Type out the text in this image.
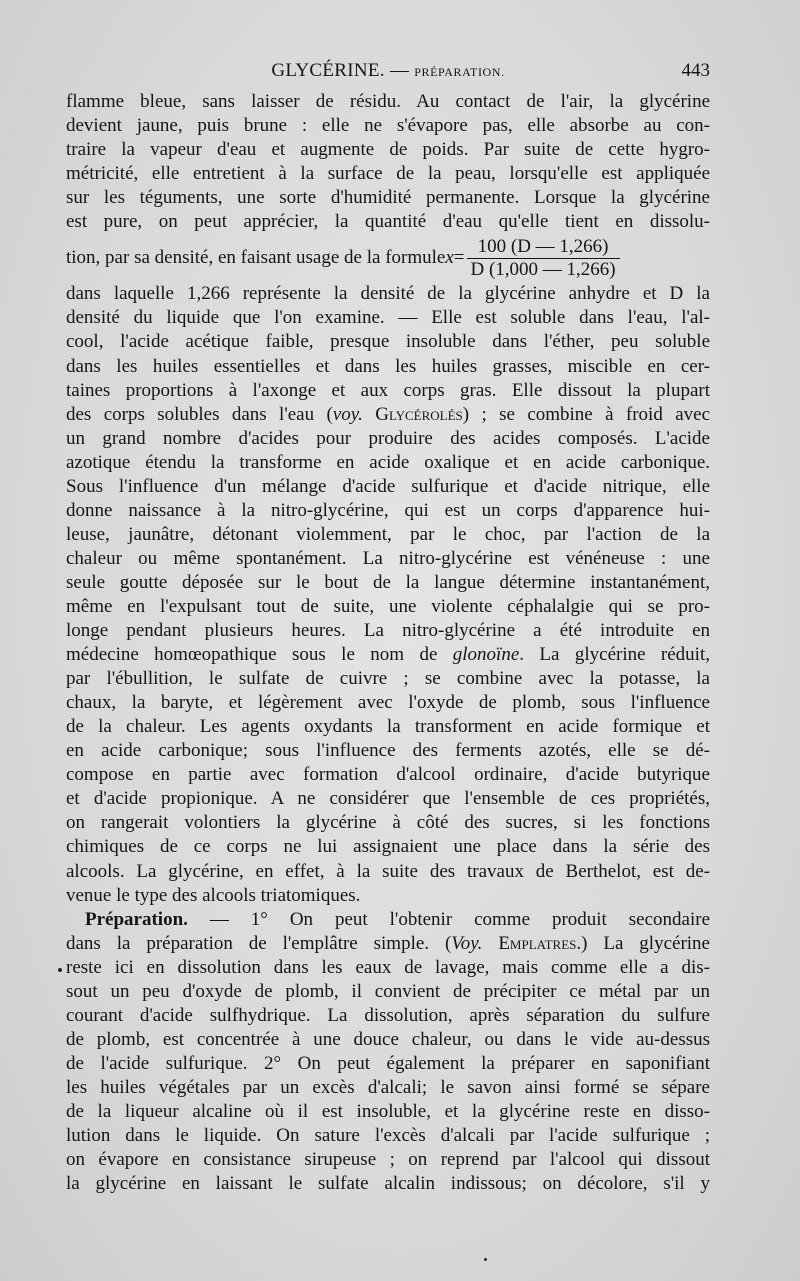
GLYCÉRINE. — PRÉPARATION.	443
flamme bleue, sans laisser de résidu. Au contact de l'air, la glycérine
devient jaune, puis brune : elle ne s'évapore pas, elle absorbe au con-
traire la vapeur d'eau et augmente de poids. Par suite de cette hygro-
métricité, elle entretient à la surface de la peau, lorsqu'elle est appliquée
sur les téguments, une sorte d'humidité permanente. Lorsque la glycérine
est pure, on peut apprécier, la quantité d'eau qu'elle tient en dissolu-
tion, par sa densité, en faisant usage de la formule $x = \frac{100 (D — 1,266)}{D (1,000 — 1,266)}$
dans laquelle 1,266 représente la densité de la glycérine anhydre et D la
densité du liquide que l'on examine. — Elle est soluble dans l'eau, l'al-
cool, l'acide acétique faible, presque insoluble dans l'éther, peu soluble
dans les huiles essentielles et dans les huiles grasses, miscible en cer-
taines proportions à l'axonge et aux corps gras. Elle dissout la plupart
des corps solubles dans l'eau (voy. Glycérolés) ; se combine à froid avec
un grand nombre d'acides pour produire des acides composés. L'acide
azotique étendu la transforme en acide oxalique et en acide carbonique.
Sous l'influence d'un mélange d'acide sulfurique et d'acide nitrique, elle
donne naissance à la nitro-glycérine, qui est un corps d'apparence hui-
leuse, jaunâtre, détonant violemment, par le choc, par l'action de la
chaleur ou même spontanément. La nitro-glycérine est vénéneuse : une
seule goutte déposée sur le bout de la langue détermine instantanément,
même en l'expulsant tout de suite, une violente céphalalgie qui se pro-
longe pendant plusieurs heures. La nitro-glycérine a été introduite en
médecine homœopathique sous le nom de glonoïne. La glycérine réduit,
par l'ébullition, le sulfate de cuivre ; se combine avec la potasse, la
chaux, la baryte, et légèrement avec l'oxyde de plomb, sous l'influence
de la chaleur. Les agents oxydants la transforment en acide formique et
en acide carbonique; sous l'influence des ferments azotés, elle se dé-
compose en partie avec formation d'alcool ordinaire, d'acide butyrique
et d'acide propionique. A ne considérer que l'ensemble de ces propriétés,
on rangerait volontiers la glycérine à côté des sucres, si les fonctions
chimiques de ce corps ne lui assignaient une place dans la série des
alcools. La glycérine, en effet, à la suite des travaux de Berthelot, est de-
venue le type des alcools triatomiques.
 Préparation. — 1° On peut l'obtenir comme produit secondaire
dans la préparation de l'emplâtre simple. (Voy. Emplatres.) La glycérine
reste ici en dissolution dans les eaux de lavage, mais comme elle a dis-
sout un peu d'oxyde de plomb, il convient de précipiter ce métal par un
courant d'acide sulfhydrique. La dissolution, après séparation du sulfure
de plomb, est concentrée à une douce chaleur, ou dans le vide au-dessus
de l'acide sulfurique. 2° On peut également la préparer en saponifiant
les huiles végétales par un excès d'alcali; le savon ainsi formé se sépare
de la liqueur alcaline où il est insoluble, et la glycérine reste en disso-
lution dans le liquide. On sature l'excès d'alcali par l'acide sulfurique ;
on évapore en consistance sirupeuse ; on reprend par l'alcool qui dissout
la glycérine en laissant le sulfate alcalin indissous; on décolore, s'il y
